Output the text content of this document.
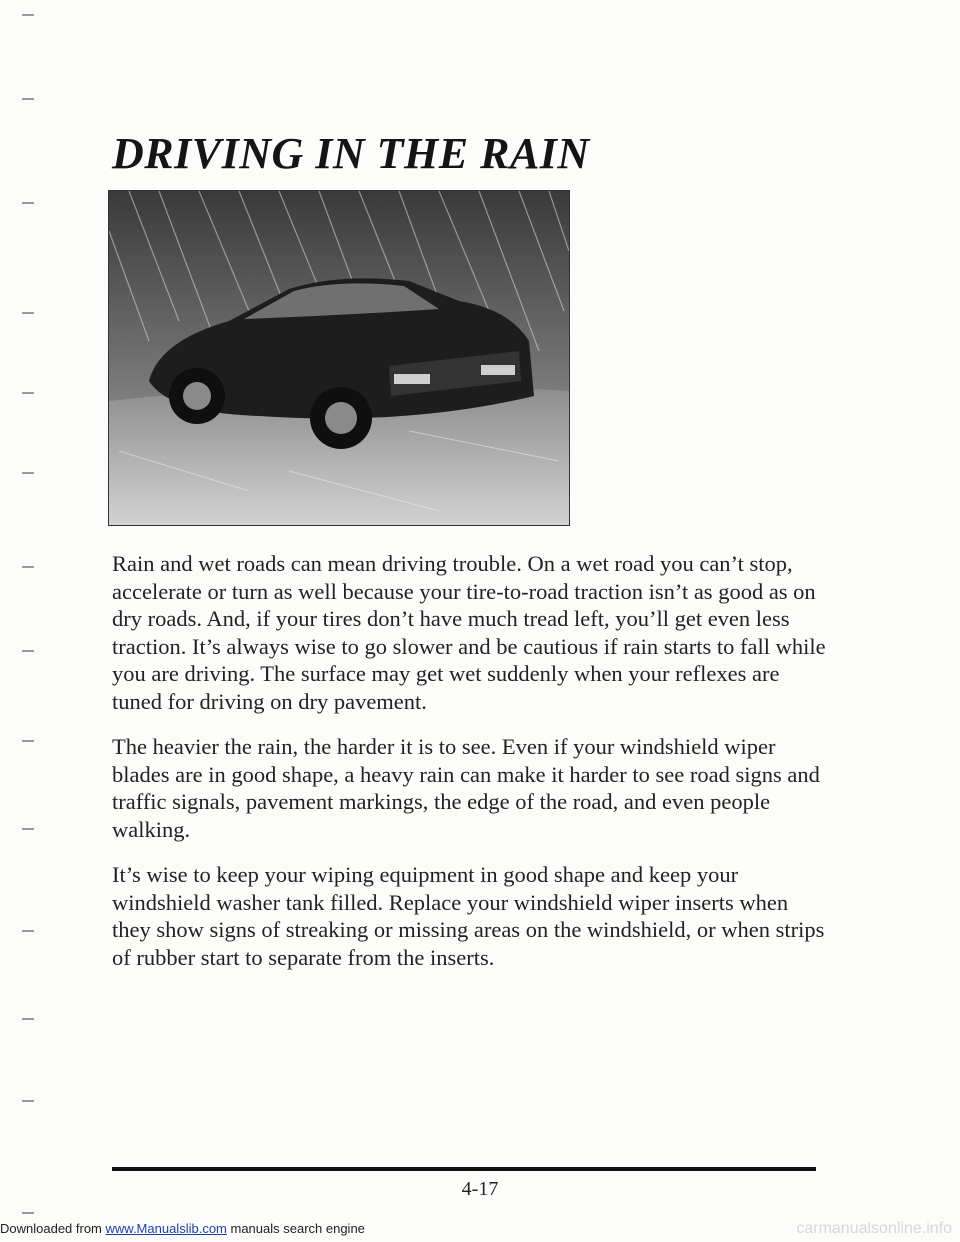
DRIVING IN THE RAIN

Rain and wet roads can mean driving trouble. On a wet road you can’t stop, accelerate or turn as well because your tire-to-road traction isn’t as good as on dry roads. And, if your tires don’t have much tread left, you’ll get even less traction. It’s always wise to go slower and be cautious if rain starts to fall while you are driving. The surface may get wet suddenly when your reflexes are tuned for driving on dry pavement.

The heavier the rain, the harder it is to see. Even if your windshield wiper blades are in good shape, a heavy rain can make it harder to see road signs and traffic signals, pavement markings, the edge of the road, and even people walking.

It’s wise to keep your wiping equipment in good shape and keep your windshield washer tank filled. Replace your windshield wiper inserts when they show signs of streaking or missing areas on the windshield, or when strips of rubber start to separate from the inserts.

4-17
Downloaded from www.Manualslib.com manuals search engine	carmanualsonline.info
